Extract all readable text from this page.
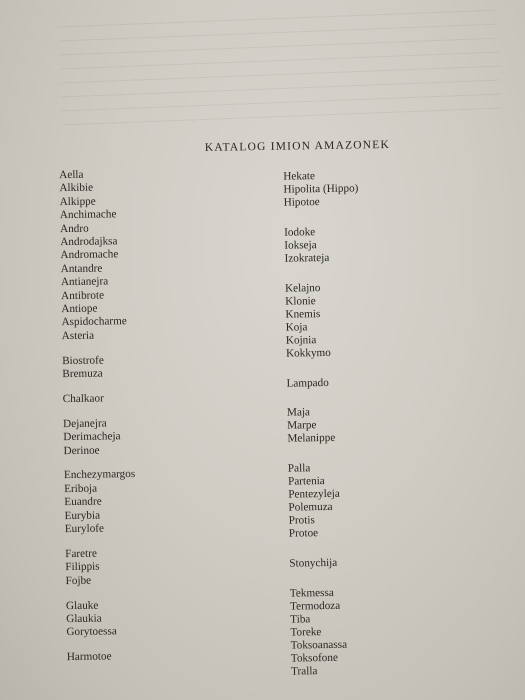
KATALOG IMION AMAZONEK
Aella
Alkibie
Alkippe
Anchimache
Andro
Androdajksa
Andromache
Antandre
Antianejra
Antibrote
Antiope
Aspidocharme
Asteria
Biostrofe
Bremuza
Chalkaor
Dejanejra
Derimacheja
Derinoe
Enchezymargos
Eriboja
Euandre
Eurybia
Eurylofe
Faretre
Filippis
Fojbe
Glauke
Glaukia
Gorytoessa
Harmotoe
Hekate
Hipolita (Hippo)
Hipotoe
Iodoke
Iokseja
Izokrateja
Kelajno
Klonie
Knemis
Koja
Kojnia
Kokkymo
Lampado
Maja
Marpe
Melanippe
Palla
Partenia
Pentezyleja
Polemuza
Protis
Protoe
Stonychija
Tekmessa
Termodoza
Tiba
Toreke
Toksoanassa
Toksofone
Tralla
